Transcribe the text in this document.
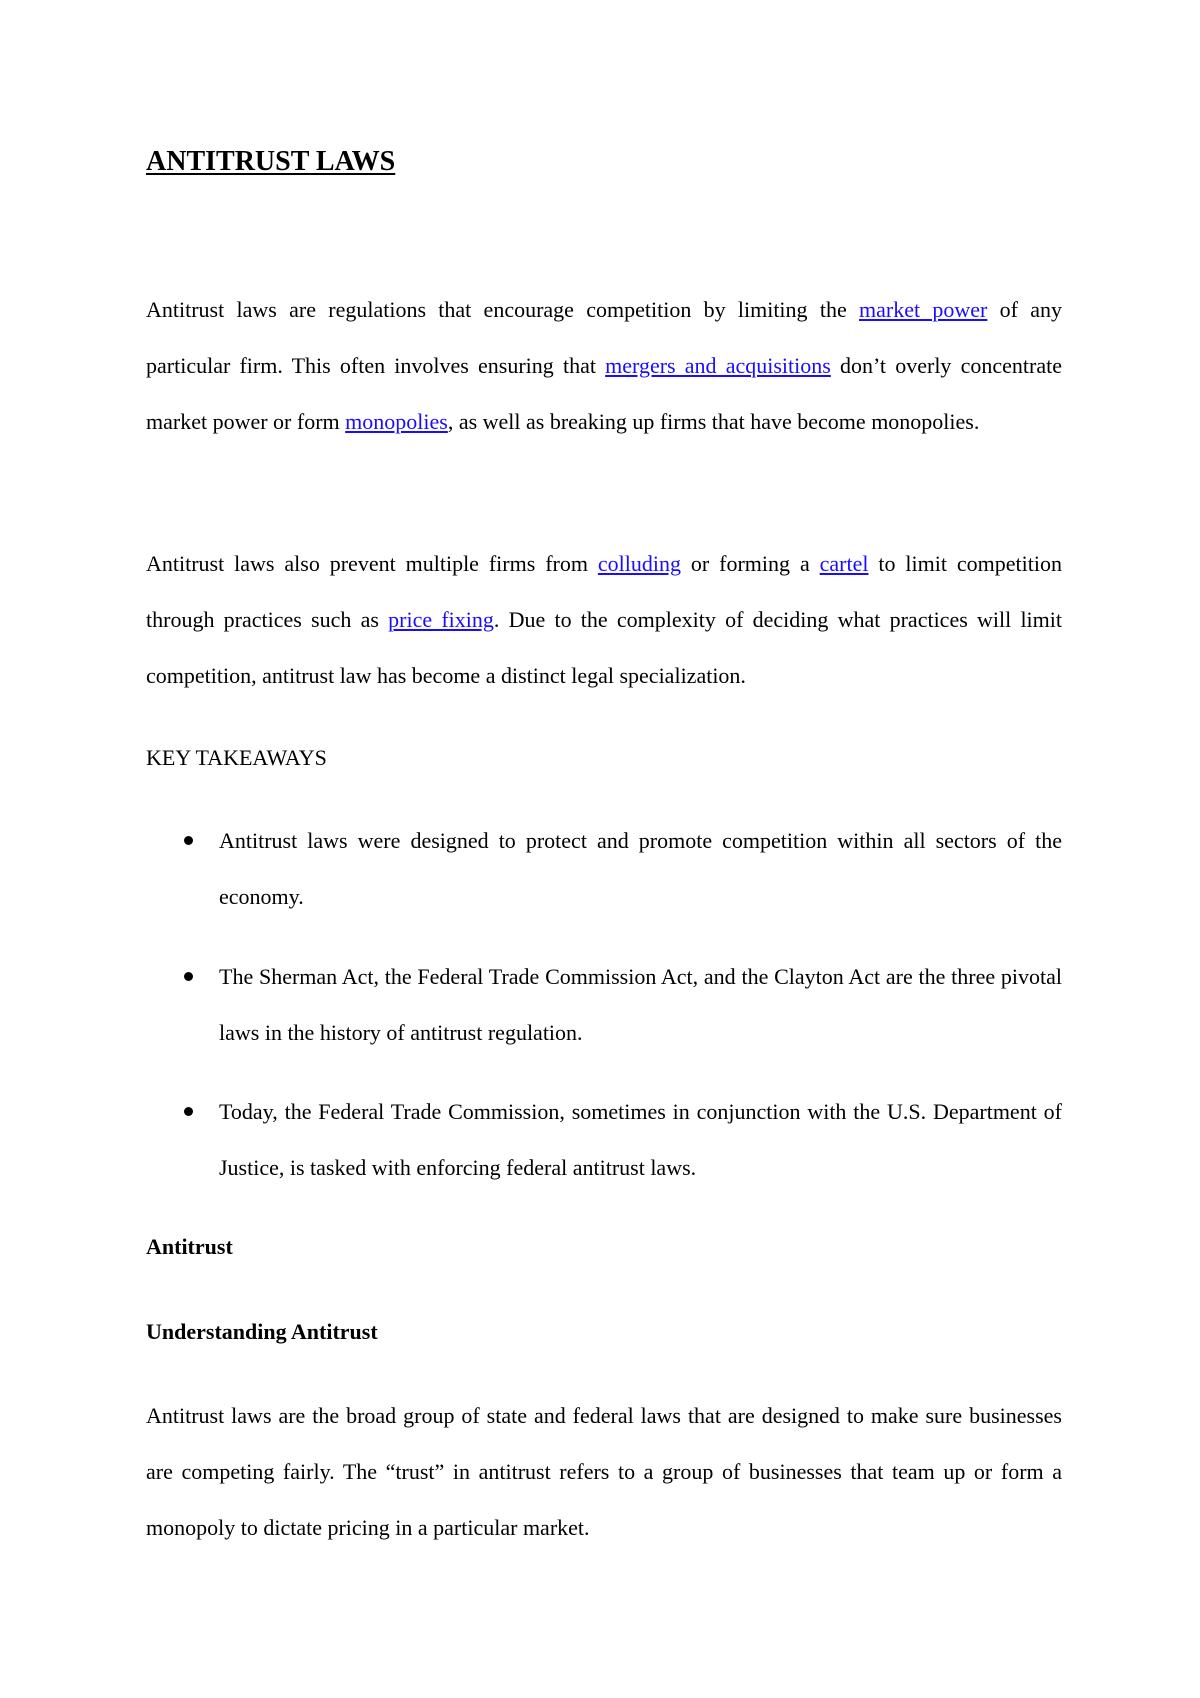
ANTITRUST LAWS

Antitrust laws are regulations that encourage competition by limiting the market power of any particular firm. This often involves ensuring that mergers and acquisitions don’t overly concentrate market power or form monopolies, as well as breaking up firms that have become monopolies.

Antitrust laws also prevent multiple firms from colluding or forming a cartel to limit competition through practices such as price fixing. Due to the complexity of deciding what practices will limit competition, antitrust law has become a distinct legal specialization.

KEY TAKEAWAYS

Antitrust laws were designed to protect and promote competition within all sectors of the economy.

The Sherman Act, the Federal Trade Commission Act, and the Clayton Act are the three pivotal laws in the history of antitrust regulation.

Today, the Federal Trade Commission, sometimes in conjunction with the U.S. Department of Justice, is tasked with enforcing federal antitrust laws.

Antitrust

Understanding Antitrust

Antitrust laws are the broad group of state and federal laws that are designed to make sure businesses are competing fairly. The “trust” in antitrust refers to a group of businesses that team up or form a monopoly to dictate pricing in a particular market.
